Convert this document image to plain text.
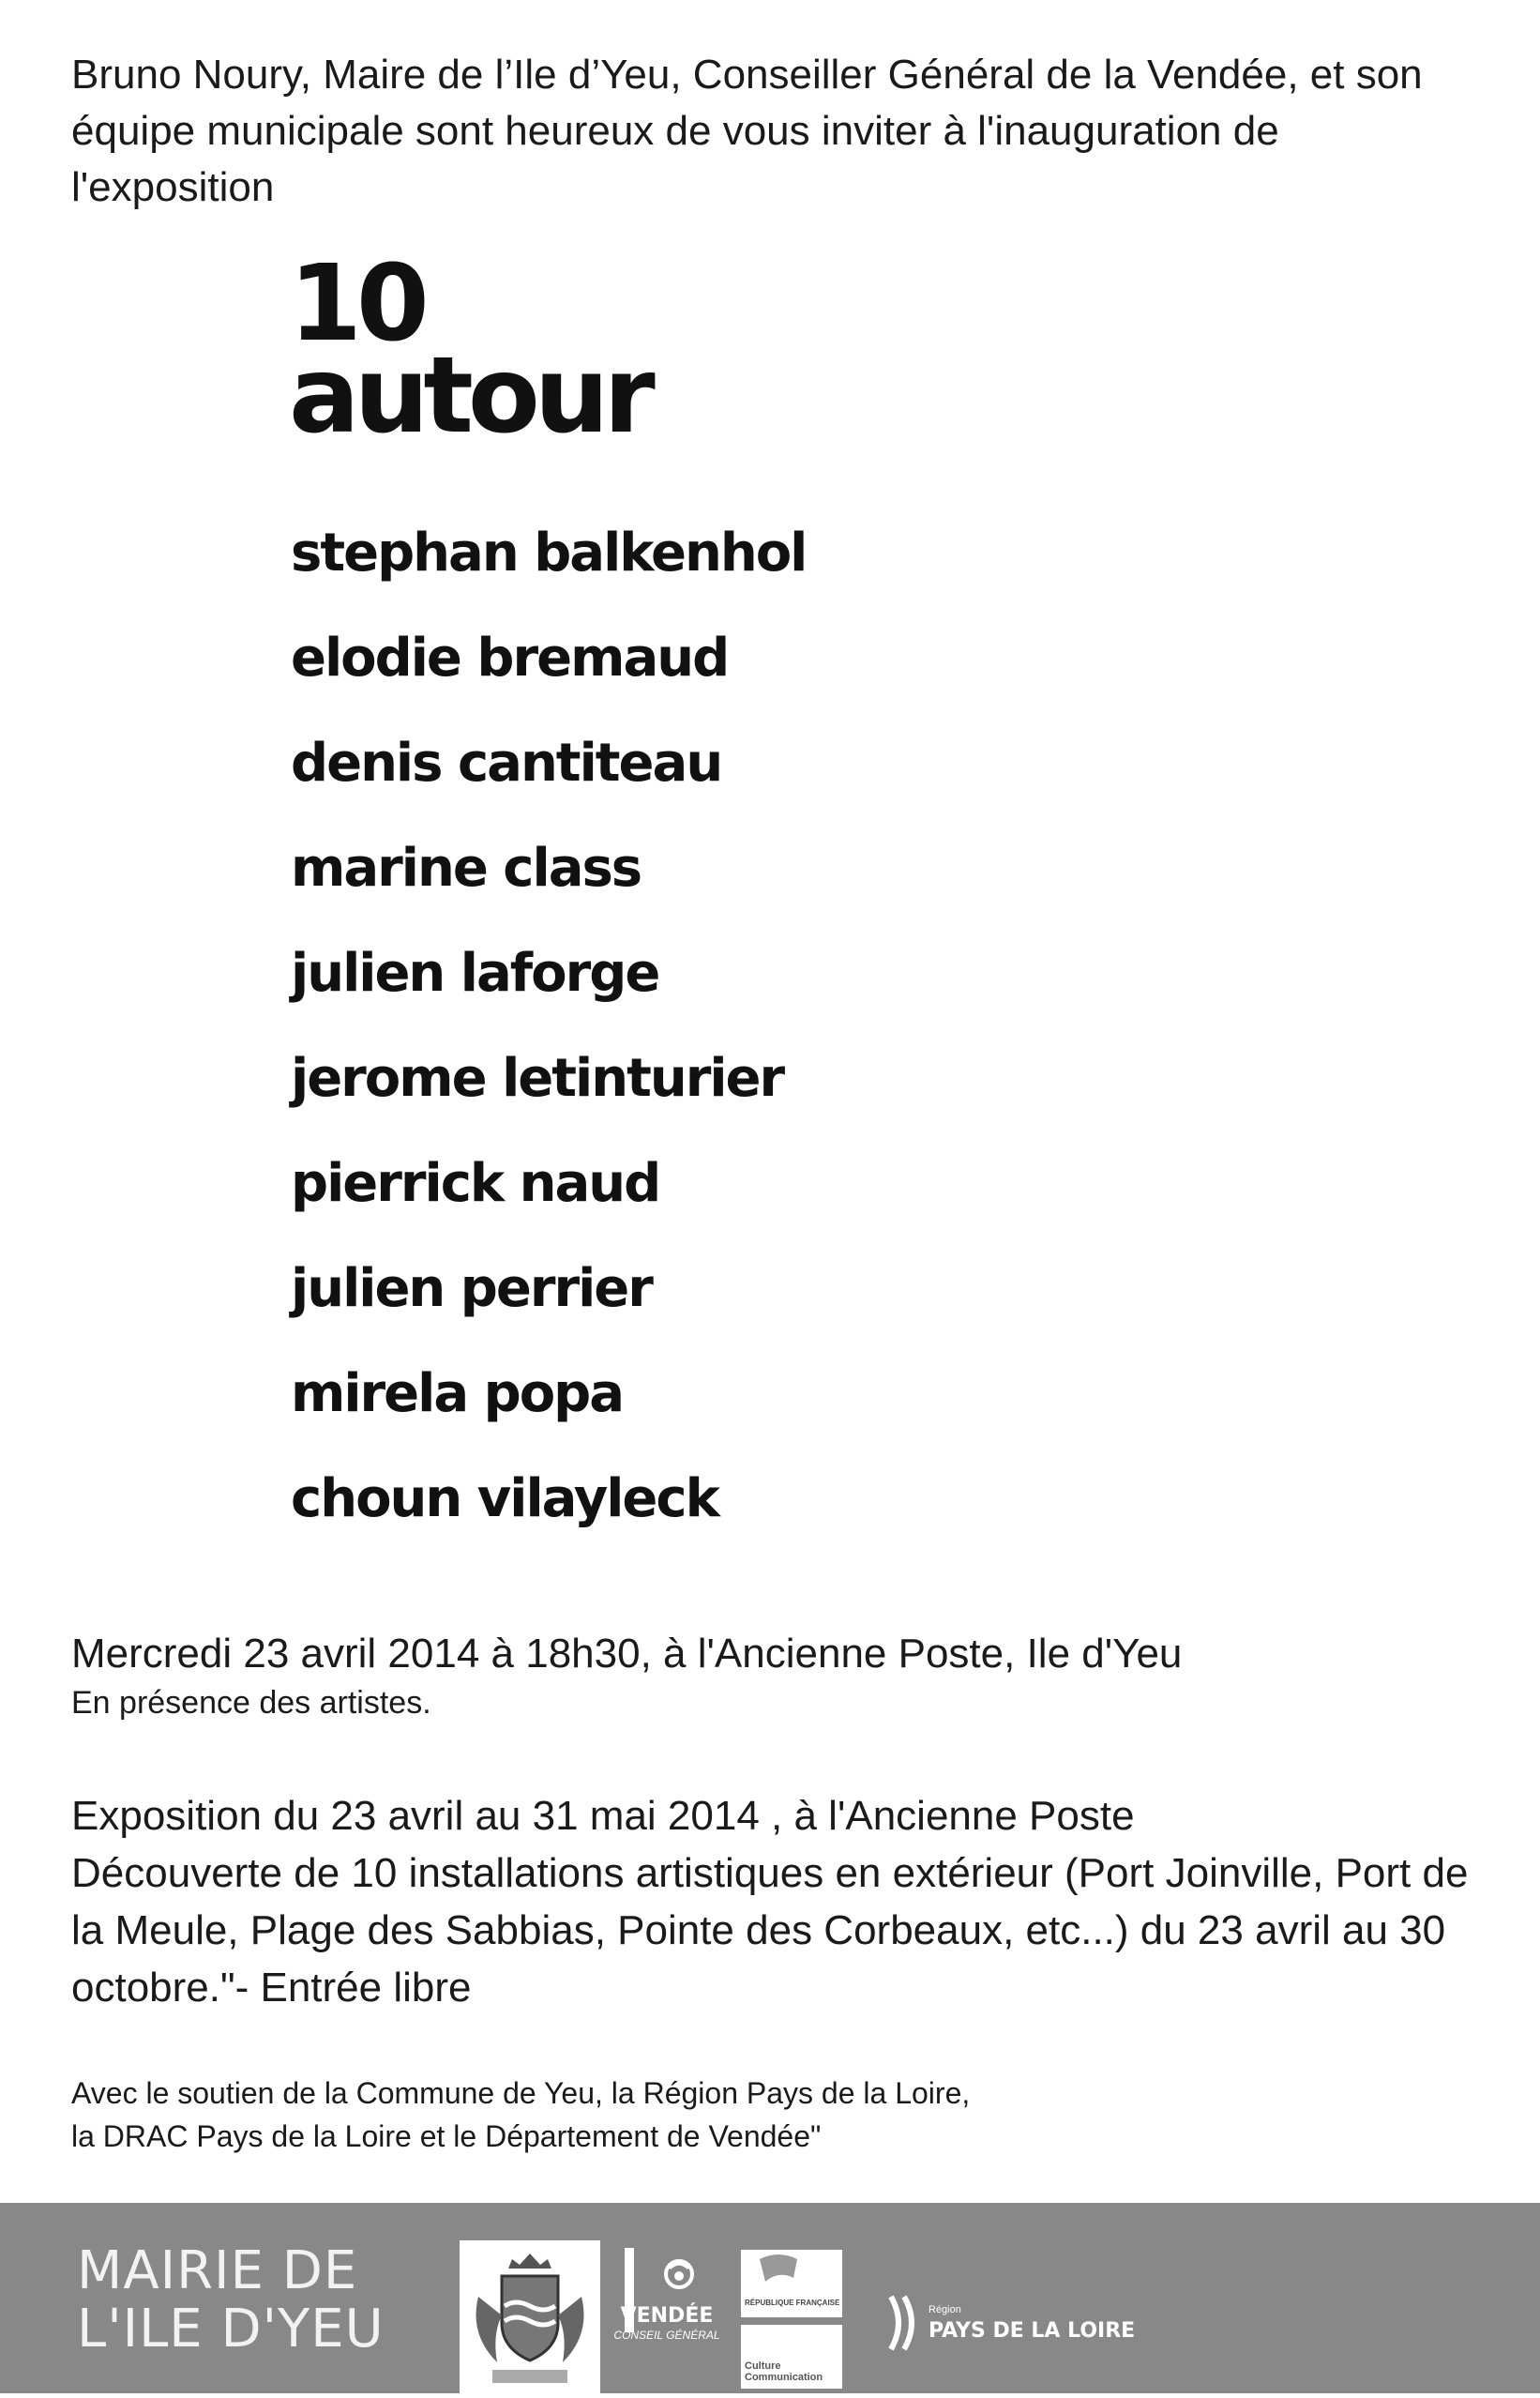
Bruno Noury, Maire de l’Ile d’Yeu, Conseiller Général de la Vendée, et son équipe municipale sont heureux de vous inviter à l'inauguration de l'exposition

10
autour
stephan balkenhol
elodie bremaud
denis cantiteau
marine class
julien laforge
jerome letinturier
pierrick naud
julien perrier
mirela popa
choun vilayleck
Mercredi 23 avril 2014 à 18h30, à l'Ancienne Poste, Ile d'Yeu
En présence des artistes.
Exposition du 23 avril au 31 mai 2014 , à l'Ancienne Poste
Découverte de 10 installations artistiques en extérieur (Port Joinville, Port de la Meule, Plage des Sabbias, Pointe des Corbeaux, etc...) du 23 avril au 30 octobre."- Entrée libre
Avec le soutien de la Commune de Yeu, la Région Pays de la Loire,
la DRAC Pays de la Loire et le Département de Vendée"
MAIRIE DE
L'ILE D'YEU	VENDÉE
CONSEIL GÉNÉRAL
RÉPUBLIQUE FRANÇAISE
Culture
Communication
Région
PAYS DE LA LOIRE
